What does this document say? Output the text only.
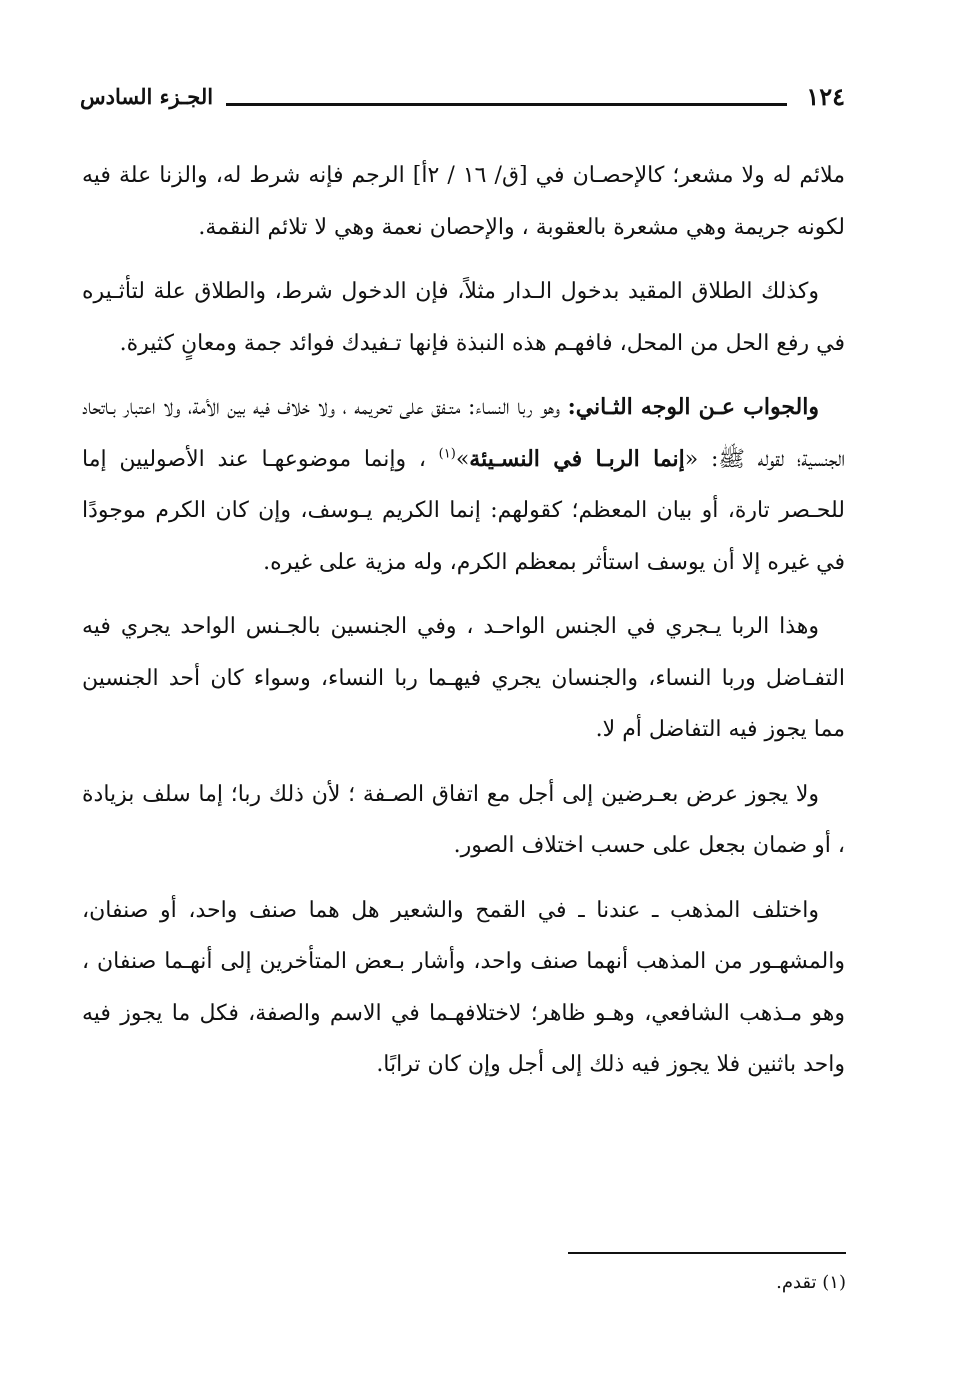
الجـزء السادس	١٢٤

ملائم له ولا مشعر؛ كالإحصـان في [ق/ ١٦ / ٢أ] الرجم فإنه شرط له، والزنا علة فيه لكونه جريمة وهي مشعرة بالعقوبة ، والإحصان نعمة وهي لا تلائم النقمة.

وكذلك الطلاق المقيد بدخول الـدار مثلاً، فإن الدخول شرط، والطلاق علة لتأثـيره في رفع الحل من المحل، فافهـم هذه النبذة فإنها تـفيدك فوائد جمة ومعانٍ كثيرة.

والجواب عـن الوجه الثـاني: وهو ربا النساء: متـفق على تحريمه ، ولا خلاف فيه بين الأمة، ولا اعتبار بـاتحاد الجنسية؛ لقوله ﷺ: «إنما الربـا في النسـيئة»$^{(١)}$ ، وإنما موضوعهـا عند الأصوليين إما للحـصر تارة، أو بيان المعظم؛ كقولهم: إنما الكريم يـوسف، وإن كان الكرم موجودًا في غيره إلا أن يوسف استأثر بمعظم الكرم، وله مزية على غيره.

وهذا الربا يـجري في الجنس الواحـد ، وفي الجنسين بالجـنس الواحد يجري فيه التفـاضل وربا النساء، والجنسان يجري فيهـما ربا النساء، وسواء كان أحد الجنسين مما يجوز فيه التفاضل أم لا.

ولا يجوز عرض بعـرضين إلى أجل مع اتفاق الصـفة ؛ لأن ذلك ربا؛ إما سلف بزيادة ، أو ضمان بجعل على حسب اختلاف الصور.

واختلف المذهب ـ عندنا ـ في القمح والشعير هل هما صنف واحد، أو صنفان، والمشهـور من المذهب أنهما صنف واحد، وأشار بـعض المتأخرين إلى أنهـما صنفان ، وهو مـذهب الشافعي، وهـو ظاهر؛ لاختلافهـما في الاسم والصفة، فكل ما يجوز فيه واحد باثنين فلا يجوز فيه ذلك إلى أجل وإن كان ترابًا.

(١) تقدم.
